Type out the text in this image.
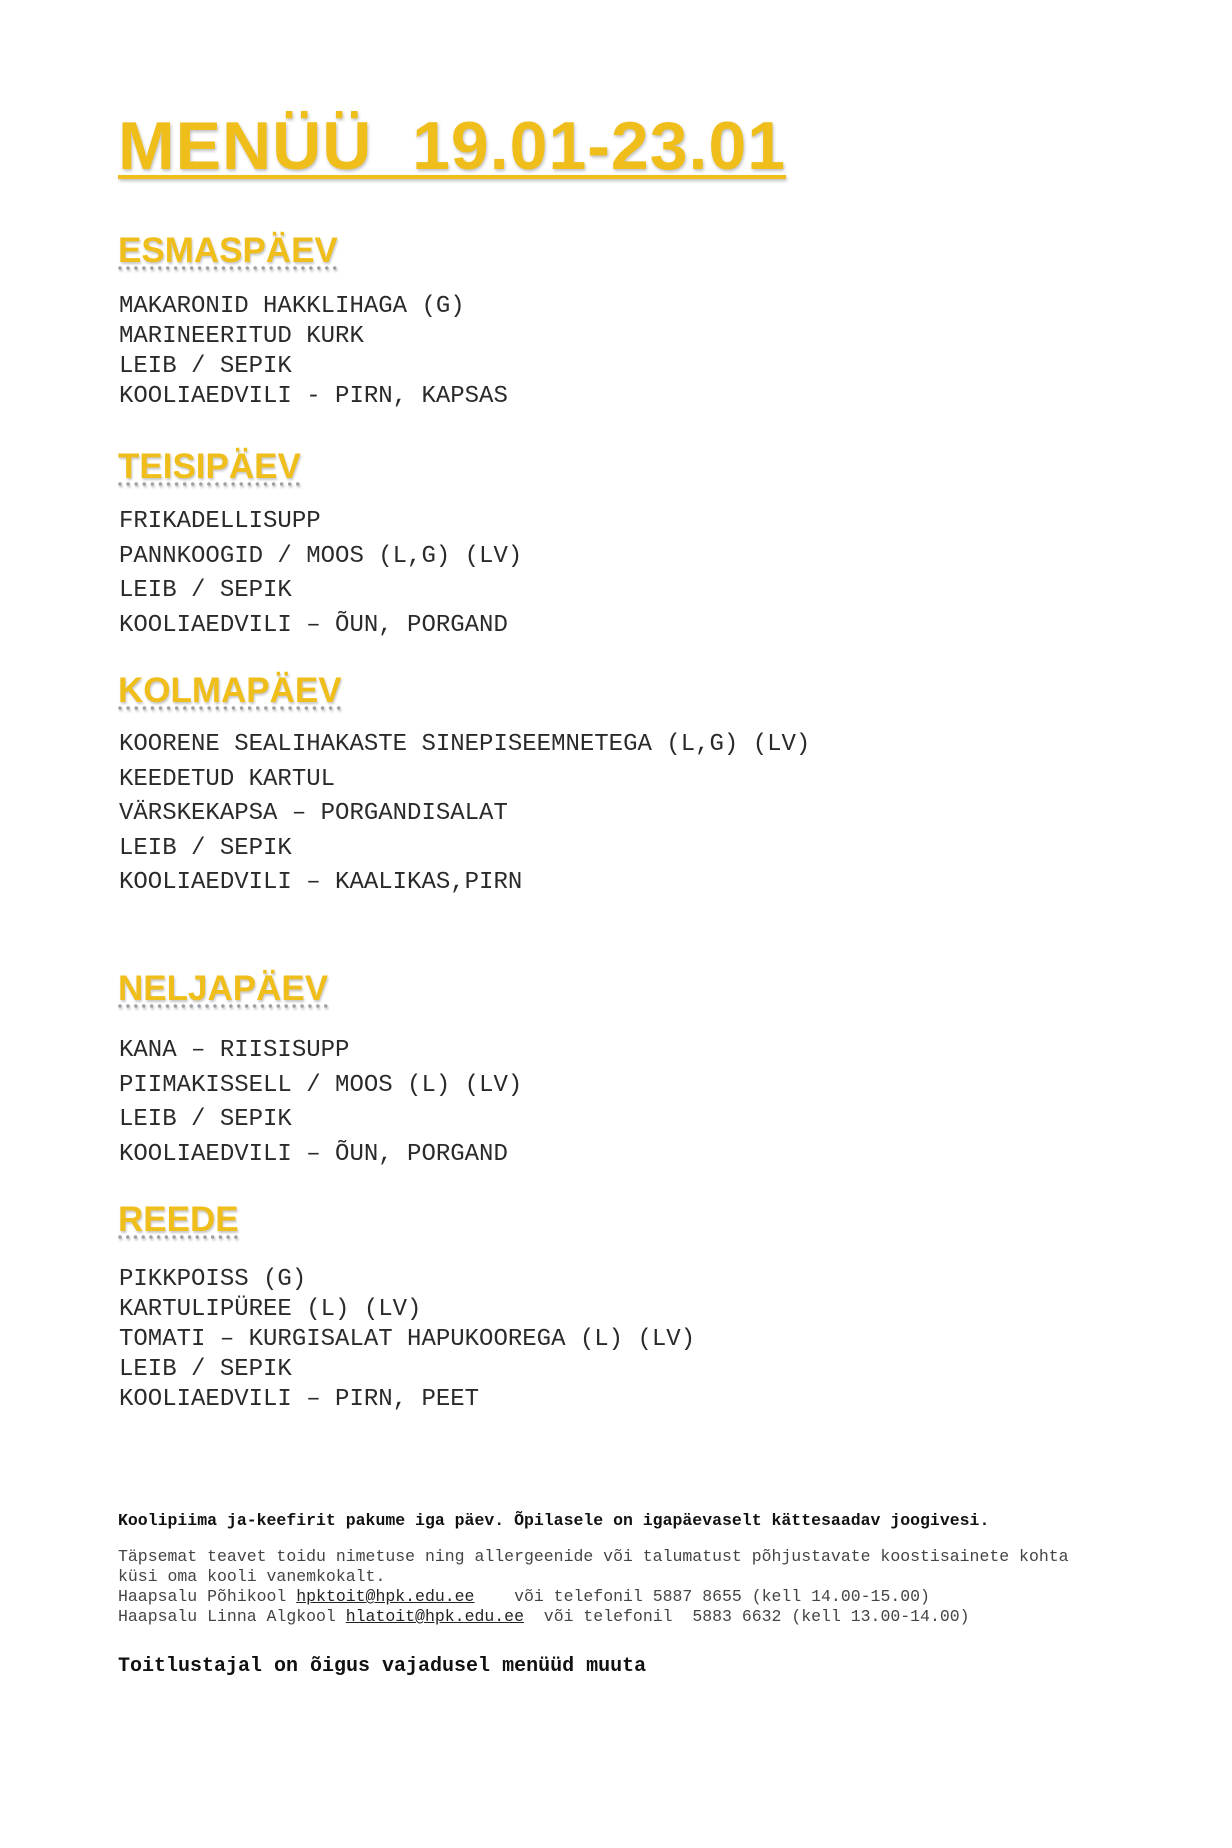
MENÜÜ  19.01-23.01
ESMASPÄEV
MAKARONID HAKKLIHAGA (G)
MARINEERITUD KURK
LEIB / SEPIK
KOOLIAEDVILI - PIRN, KAPSAS
TEISIPÄEV
FRIKADELLISUPP
PANNKOOGID / MOOS (L,G) (LV)
LEIB / SEPIK
KOOLIAEDVILI – ÕUN, PORGAND
KOLMAPÄEV
KOORENE SEALIHAKASTE SINEPISEEMNETEGA (L,G) (LV)
KEEDETUD KARTUL
VÄRSKEKAPSA – PORGANDISALAT
LEIB / SEPIK
KOOLIAEDVILI – KAALIKAS,PIRN
NELJAPÄEV
KANA – RIISISUPP
PIIMAKISSELL / MOOS (L) (LV)
LEIB / SEPIK
KOOLIAEDVILI – ÕUN, PORGAND
REEDE
PIKKPOISS (G)
KARTULIPÜREE (L) (LV)
TOMATI – KURGISALAT HAPUKOOREGA (L) (LV)
LEIB / SEPIK
KOOLIAEDVILI – PIRN, PEET

Koolipiima ja-keefirit pakume iga päev. Õpilasele on igapäevaselt kättesaadav joogivesi.

Täpsemat teavet toidu nimetuse ning allergeenide või talumatust põhjustavate koostisainete kohta

küsi oma kooli vanemkokalt.

Haapsalu Põhikool hpktoit@hpk.edu.ee või telefonil 5887 8655 (kell 14.00-15.00)

Haapsalu Linna Algkool hlatoit@hpk.edu.ee või telefonil  5883 6632 (kell 13.00-14.00)

Toitlustajal on õigus vajadusel menüüd muuta
